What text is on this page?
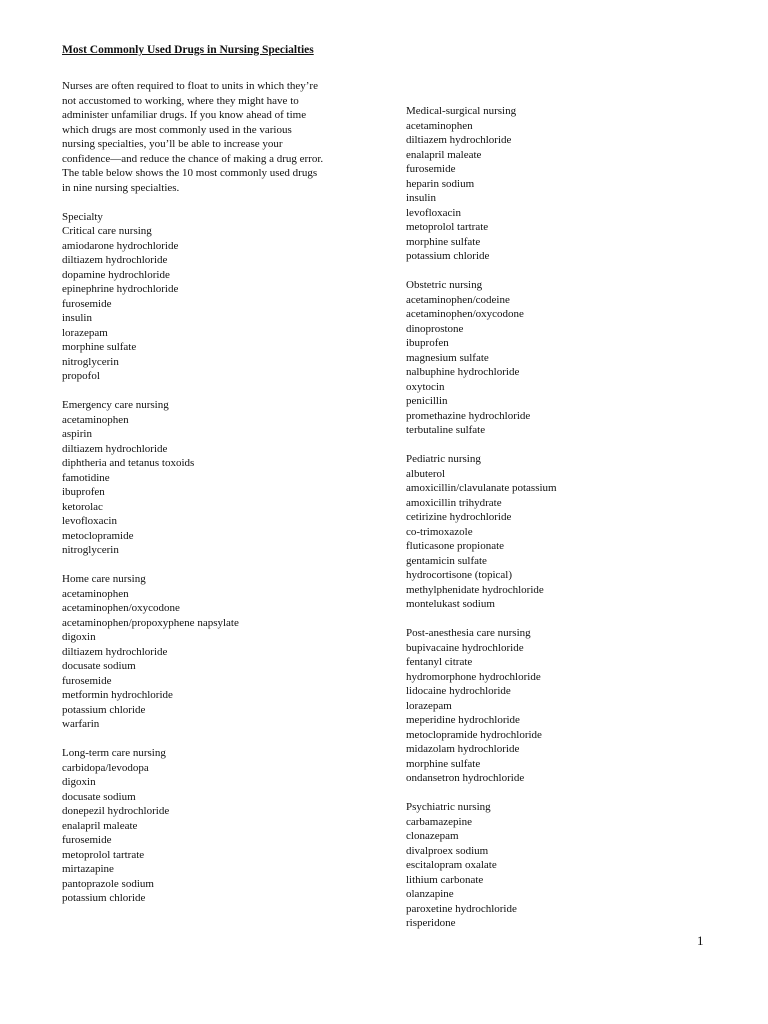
Most Commonly Used Drugs in Nursing Specialties
Nurses are often required to float to units in which they’re
not accustomed to working, where they might have to
administer unfamiliar drugs. If you know ahead of time
which drugs are most commonly used in the various
nursing specialties, you’ll be able to increase your
confidence—and reduce the chance of making a drug error.
The table below shows the 10 most commonly used drugs
in nine nursing specialties.
Specialty
Critical care nursing
amiodarone hydrochloride
diltiazem hydrochloride
dopamine hydrochloride
epinephrine hydrochloride
furosemide
insulin
lorazepam
morphine sulfate
nitroglycerin
propofol
Emergency care nursing
acetaminophen
aspirin
diltiazem hydrochloride
diphtheria and tetanus toxoids
famotidine
ibuprofen
ketorolac
levofloxacin
metoclopramide
nitroglycerin
Home care nursing
acetaminophen
acetaminophen/oxycodone
acetaminophen/propoxyphene napsylate
digoxin
diltiazem hydrochloride
docusate sodium
furosemide
metformin hydrochloride
potassium chloride
warfarin
Long-term care nursing
carbidopa/levodopa
digoxin
docusate sodium
donepezil hydrochloride
enalapril maleate
furosemide
metoprolol tartrate
mirtazapine
pantoprazole sodium
potassium chloride
Medical-surgical nursing
acetaminophen
diltiazem hydrochloride
enalapril maleate
furosemide
heparin sodium
insulin
levofloxacin
metoprolol tartrate
morphine sulfate
potassium chloride
Obstetric nursing
acetaminophen/codeine
acetaminophen/oxycodone
dinoprostone
ibuprofen
magnesium sulfate
nalbuphine hydrochloride
oxytocin
penicillin
promethazine hydrochloride
terbutaline sulfate
Pediatric nursing
albuterol
amoxicillin/clavulanate potassium
amoxicillin trihydrate
cetirizine hydrochloride
co-trimoxazole
fluticasone propionate
gentamicin sulfate
hydrocortisone (topical)
methylphenidate hydrochloride
montelukast sodium
Post-anesthesia care nursing
bupivacaine hydrochloride
fentanyl citrate
hydromorphone hydrochloride
lidocaine hydrochloride
lorazepam
meperidine hydrochloride
metoclopramide hydrochloride
midazolam hydrochloride
morphine sulfate
ondansetron hydrochloride
Psychiatric nursing
carbamazepine
clonazepam
divalproex sodium
escitalopram oxalate
lithium carbonate
olanzapine
paroxetine hydrochloride
risperidone
1
